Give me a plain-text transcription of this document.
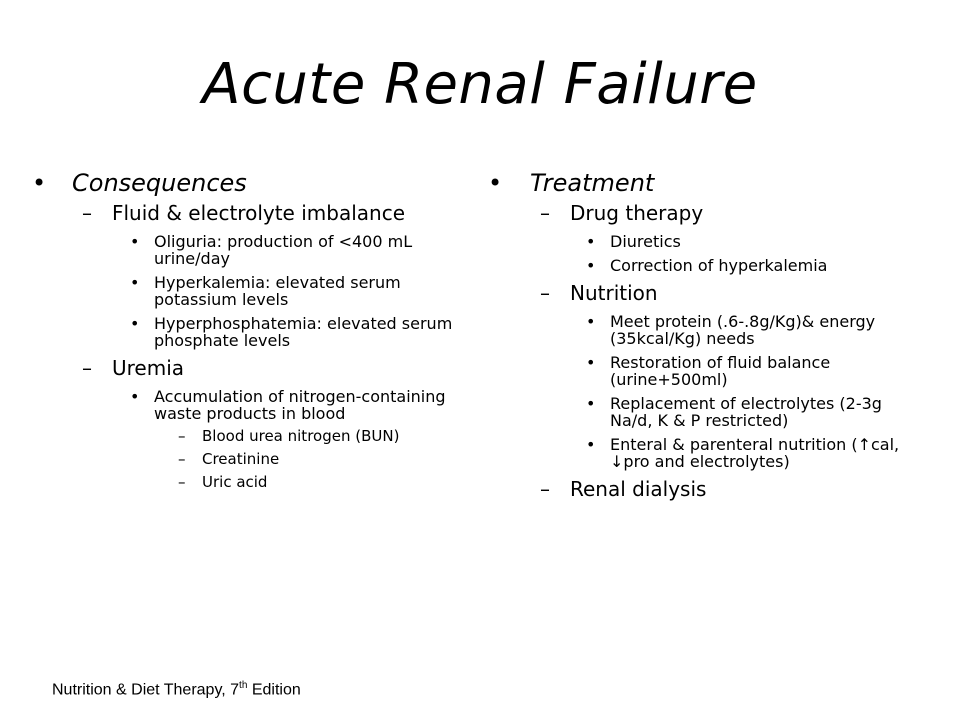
Acute Renal Failure
• Consequences
– Fluid & electrolyte imbalance
• Oliguria: production of <400 mL urine/day
• Hyperkalemia: elevated serum potassium levels
• Hyperphosphatemia: elevated serum phosphate levels
– Uremia
• Accumulation of nitrogen-containing waste products in blood
– Blood urea nitrogen (BUN)
– Creatinine
– Uric acid
• Treatment
– Drug therapy
• Diuretics
• Correction of hyperkalemia
– Nutrition
• Meet protein (.6-.8g/Kg)& energy (35kcal/Kg) needs
• Restoration of fluid balance (urine+500ml)
• Replacement of electrolytes (2-3g Na/d, K & P restricted)
• Enteral & parenteral nutrition (↑cal, ↓pro and electrolytes)
– Renal dialysis
Nutrition & Diet Therapy, 7th Edition
